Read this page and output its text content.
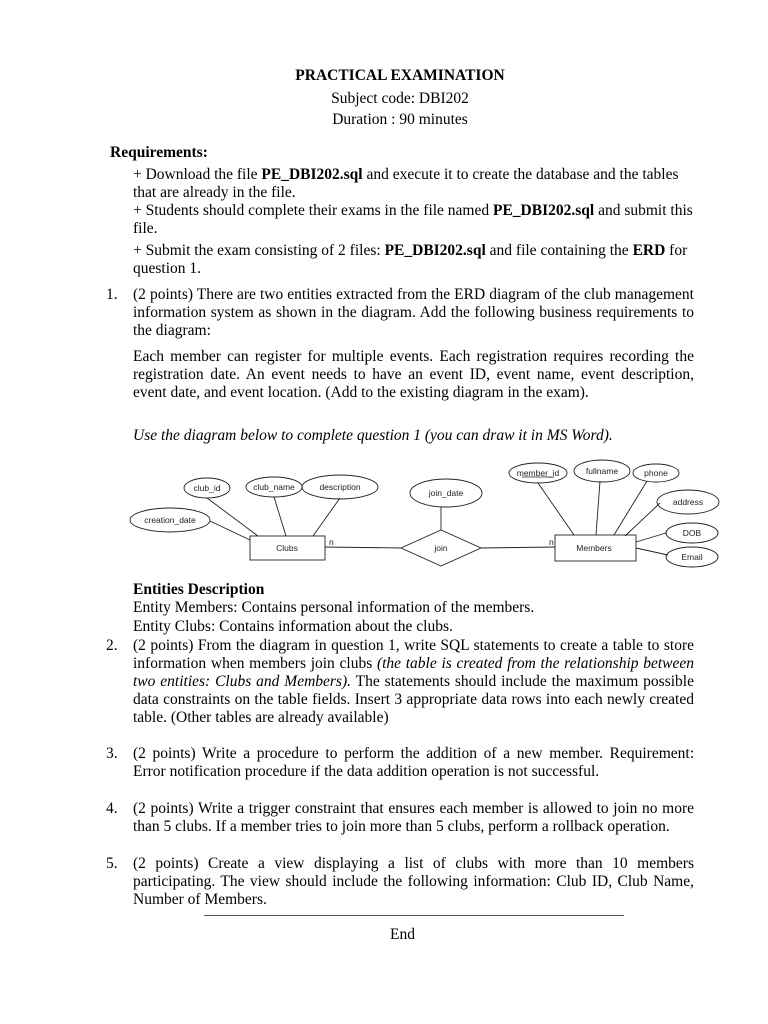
PRACTICAL EXAMINATION
Subject code: DBI202
Duration : 90 minutes
Requirements:
+ Download the file PE_DBI202.sql and execute it to create the database and the tables that are already in the file.
+ Students should complete their exams in the file named PE_DBI202.sql and submit this file.
+ Submit the exam consisting of 2 files: PE_DBI202.sql and file containing the ERD for question 1.
1. (2 points) There are two entities extracted from the ERD diagram of the club management information system as shown in the diagram. Add the following business requirements to the diagram:
Each member can register for multiple events. Each registration requires recording the registration date. An event needs to have an event ID, event name, event description, event date, and event location. (Add to the existing diagram in the exam).
Use the diagram below to complete question 1 (you can draw it in MS Word).
club_id	club_name	description
creation_date
Clubs	join
join_date
Members
member_id	fullname	phone
address
DOB
Email
n	n
Entities Description
Entity Members: Contains personal information of the members.
Entity Clubs: Contains information about the clubs.
2. (2 points) From the diagram in question 1, write SQL statements to create a table to store information when members join clubs (the table is created from the relationship between two entities: Clubs and Members). The statements should include the maximum possible data constraints on the table fields. Insert 3 appropriate data rows into each newly created table. (Other tables are already available)
3. (2 points) Write a procedure to perform the addition of a new member. Requirement: Error notification procedure if the data addition operation is not successful.
4. (2 points) Write a trigger constraint that ensures each member is allowed to join no more than 5 clubs. If a member tries to join more than 5 clubs, perform a rollback operation.
5. (2 points) Create a view displaying a list of clubs with more than 10 members participating. The view should include the following information: Club ID, Club Name, Number of Members.
End
